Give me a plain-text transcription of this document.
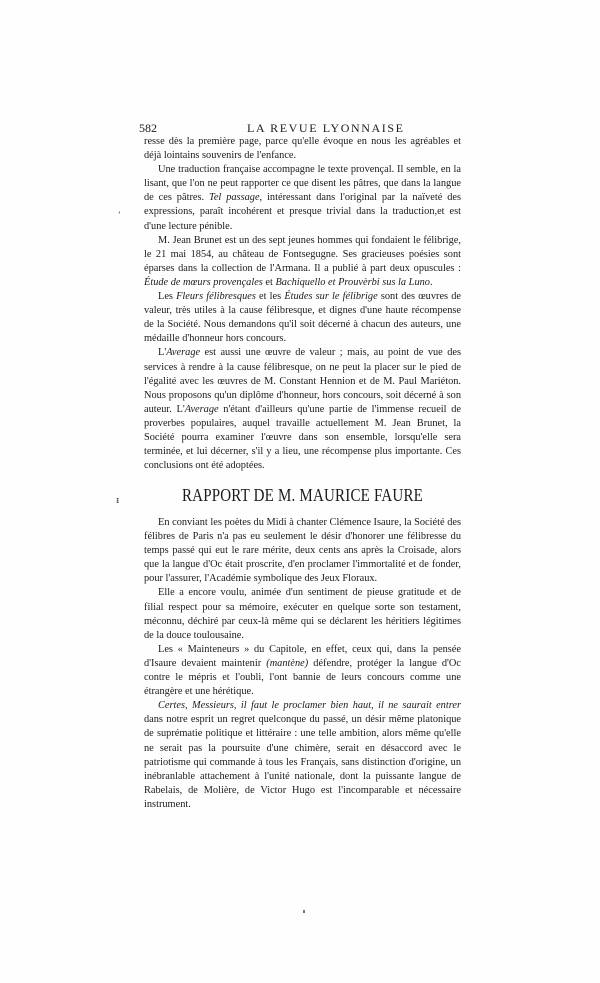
582	LA REVUE LYONNAISE

resse dès la première page, parce qu'elle évoque en nous les agréables et déjà lointains souvenirs de l'enfance.

Une traduction française accompagne le texte provençal. Il semble, en la lisant, que l'on ne peut rapporter ce que disent les pâtres, que dans la langue de ces pâtres. Tel passage, intéressant dans l'original par la naïveté des expressions, paraît incohérent et presque trivial dans la traduction,et est d'une lecture pénible.

M. Jean Brunet est un des sept jeunes hommes qui fondaient le félibrige, le 21 mai 1854, au château de Fontsegugne. Ses gracieuses poésies sont éparses dans la collection de l'Armana. Il a publié à part deux opuscules : Étude de mœurs provençales et Bachiquello et Prouvèrbi sus la Luno.

Les Fleurs félibresques et les Études sur le félibrige sont des œuvres de valeur, très utiles à la cause félibresque, et dignes d'une haute récompense de la Société. Nous demandons qu'il soit décerné à chacun des auteurs, une médaille d'honneur hors concours.

L'Average est aussi une œuvre de valeur ; mais, au point de vue des services à rendre à la cause félibresque, on ne peut la placer sur le pied de l'égalité avec les œuvres de M. Constant Hennion et de M. Paul Mariéton. Nous proposons qu'un diplôme d'honneur, hors concours, soit décerné à son auteur. L'Average n'étant d'ailleurs qu'une partie de l'immense recueil de proverbes populaires, auquel travaille actuellement M. Jean Brunet, la Société pourra examiner l'œuvre dans son ensemble, lorsqu'elle sera terminée, et lui décerner, s'il y a lieu, une récompense plus importante. Ces conclusions ont été adoptées.

RAPPORT DE M. MAURICE FAURE

En conviant les poètes du Midi à chanter Clémence Isaure, la Société des félibres de Paris n'a pas eu seulement le désir d'honorer une félibresse du temps passé qui eut le rare mérite, deux cents ans après la Croisade, alors que la langue d'Oc était proscrite, d'en proclamer l'immortalité et de fonder, pour l'assurer, l'Académie symbolique des Jeux Floraux.

Elle a encore voulu, animée d'un sentiment de pieuse gratitude et de filial respect pour sa mémoire, exécuter en quelque sorte son testament, méconnu, déchiré par ceux-là même qui se déclarent les héritiers légitimes de la douce toulousaine.

Les « Mainteneurs » du Capitole, en effet, ceux qui, dans la pensée d'Isaure devaient maintenir (mantène) défendre, protéger la langue d'Oc contre le mépris et l'oubli, l'ont bannie de leurs concours comme une étrangère et une hérétique.

Certes, Messieurs, il faut le proclamer bien haut, il ne saurait entrer dans notre esprit un regret quelconque du passé, un désir même platonique de suprématie politique et littéraire : une telle ambition, alors même qu'elle ne serait pas la poursuite d'une chimère, serait en désaccord avec le patriotisme qui commande à tous les Français, sans distinction d'origine, un inébranlable attachement à l'unité nationale, dont la puissante langue de Rabelais, de Molière, de Victor Hugo est l'incomparable et nécessaire instrument.

ʻ
ᵻ
